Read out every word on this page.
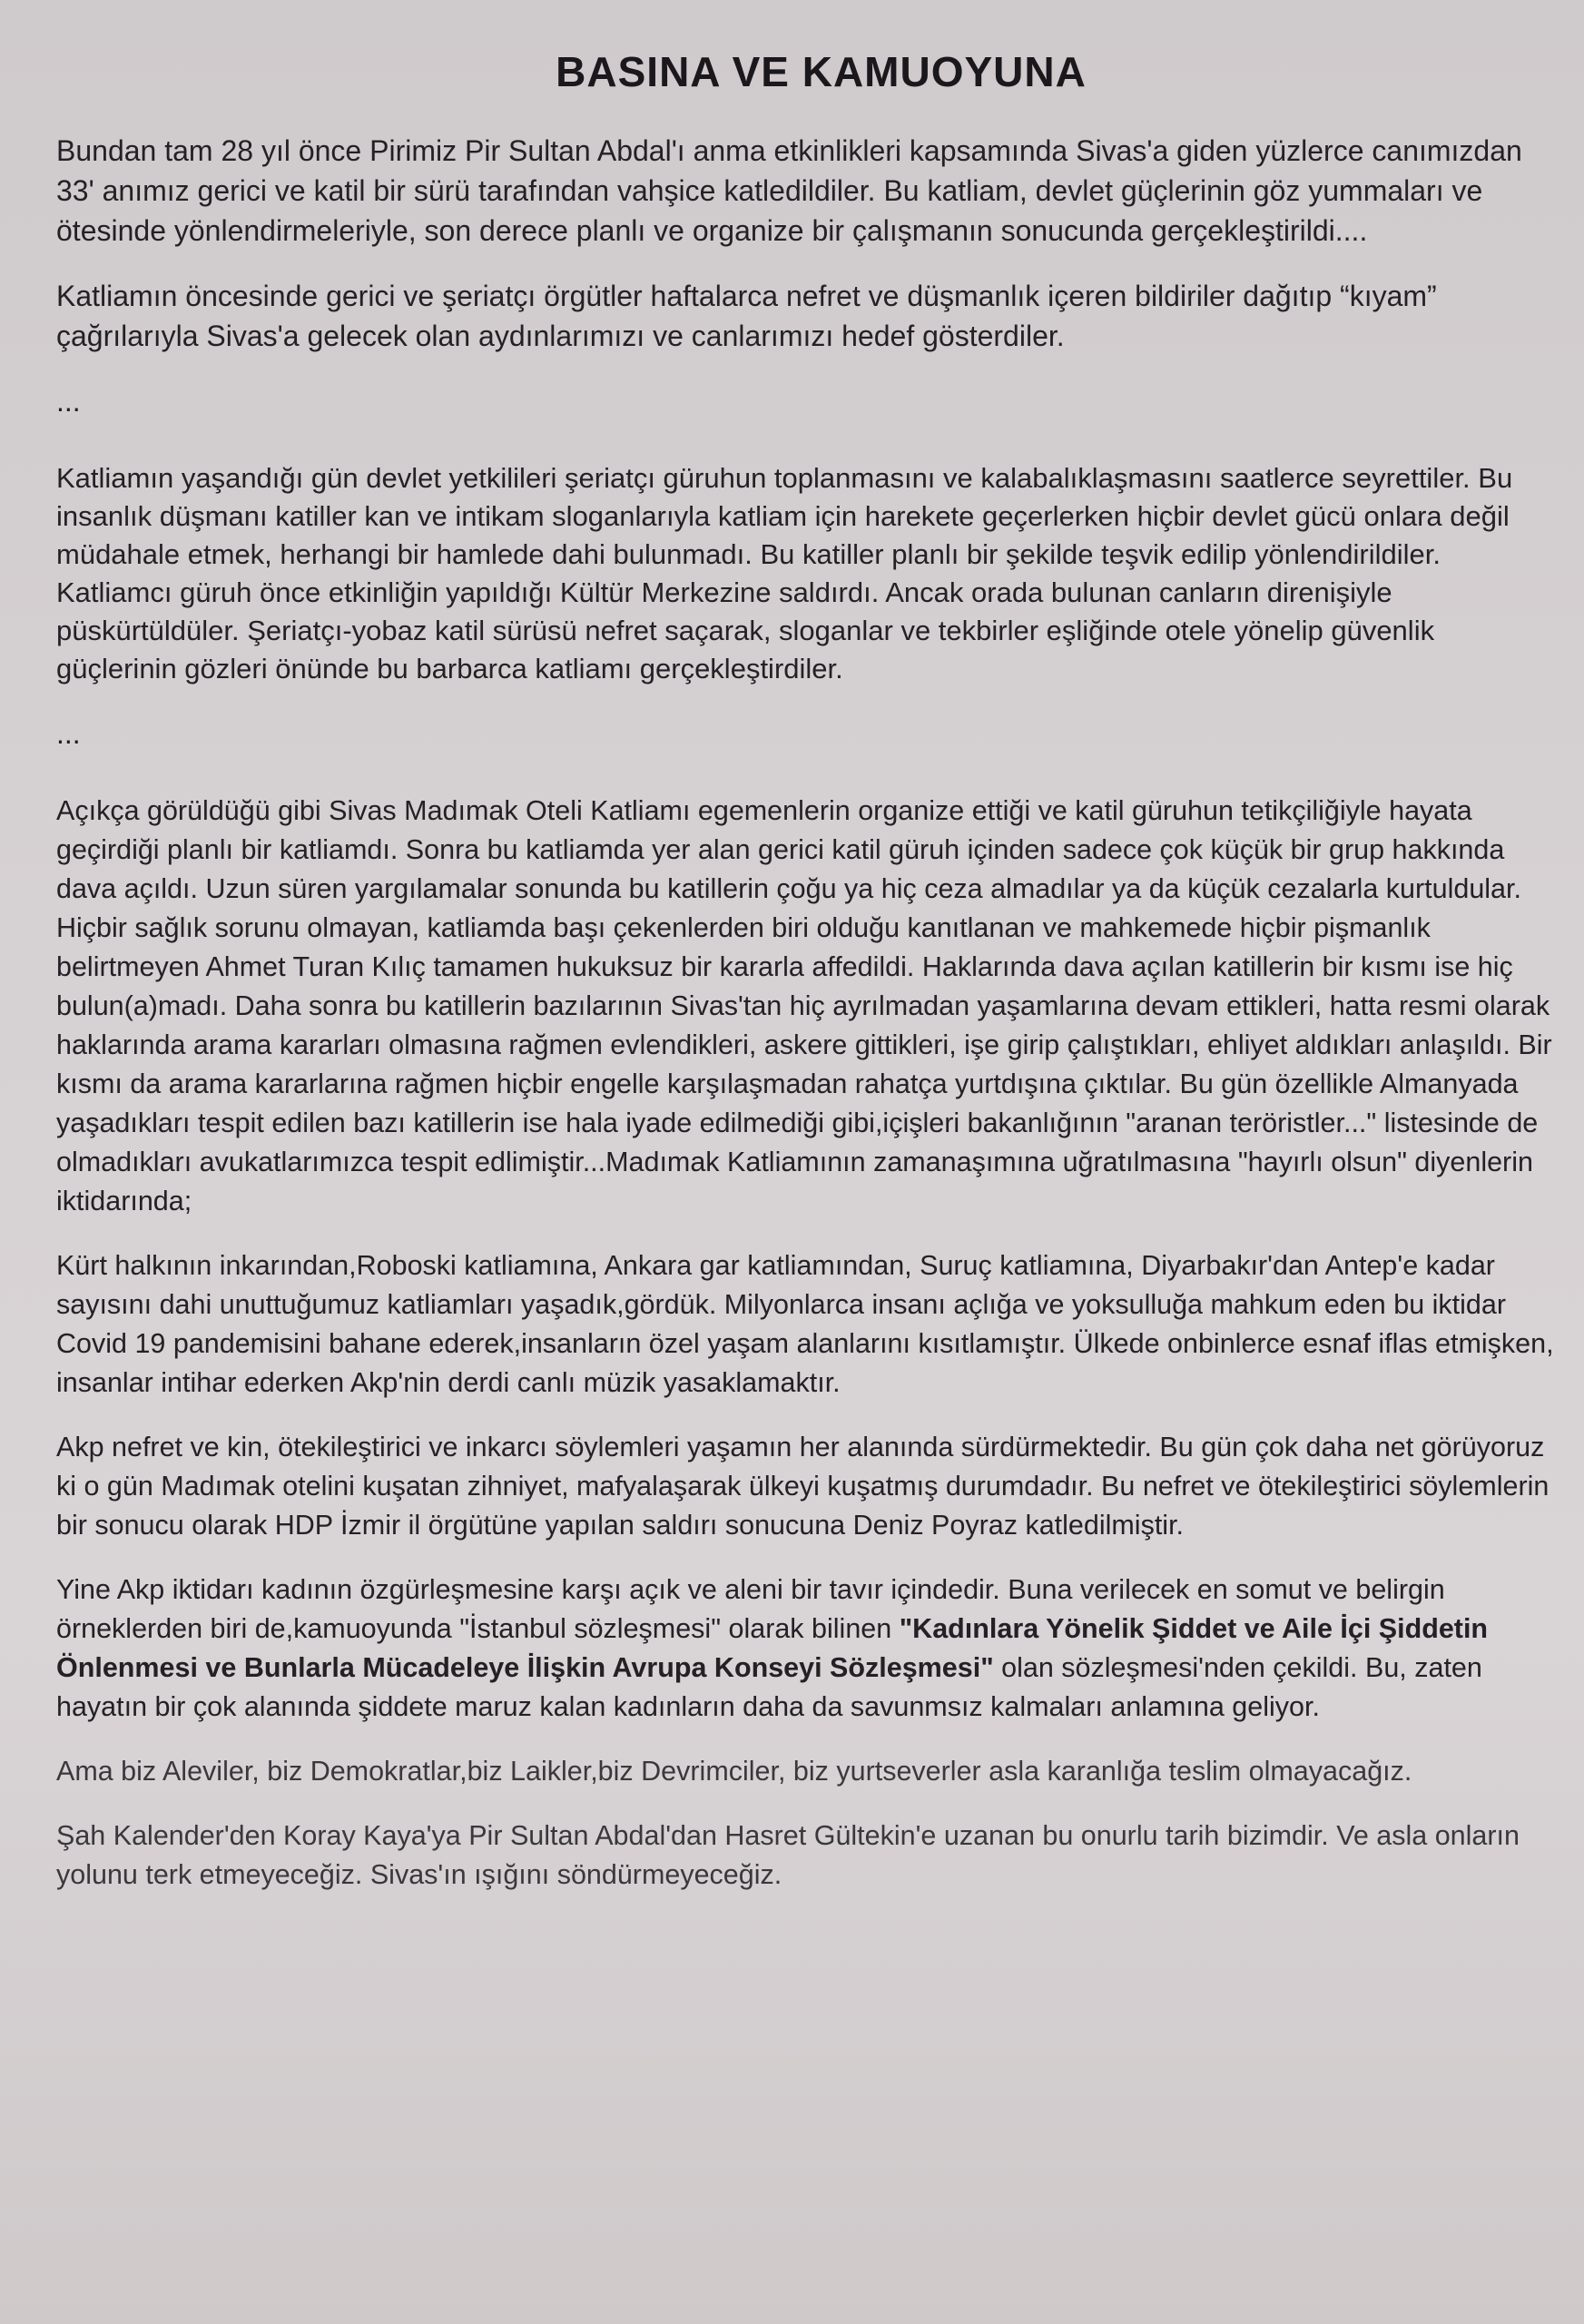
BASINA VE KAMUOYUNA

Bundan tam 28 yıl önce Pirimiz Pir Sultan Abdal'ı anma etkinlikleri kapsamında Sivas'a giden yüzlerce canımızdan 33' anımız gerici ve katil bir sürü tarafından vahşice katledildiler. Bu katliam, devlet güçlerinin göz yummaları ve ötesinde yönlendirmeleriyle, son derece planlı ve organize bir çalışmanın sonucunda gerçekleştirildi....

Katliamın öncesinde gerici ve şeriatçı örgütler haftalarca nefret ve düşmanlık içeren bildiriler dağıtıp “kıyam” çağrılarıyla Sivas'a gelecek olan aydınlarımızı ve canlarımızı hedef gösterdiler.

...

Katliamın yaşandığı gün devlet yetkilileri şeriatçı güruhun toplanmasını ve kalabalıklaşmasını saatlerce seyrettiler. Bu insanlık düşmanı katiller kan ve intikam sloganlarıyla katliam için harekete geçerlerken hiçbir devlet gücü onlara değil müdahale etmek, herhangi bir hamlede dahi bulunmadı. Bu katiller planlı bir şekilde teşvik edilip yönlendirildiler. Katliamcı güruh önce etkinliğin yapıldığı Kültür Merkezine saldırdı. Ancak orada bulunan canların direnişiyle püskürtüldüler. Şeriatçı-yobaz katil sürüsü nefret saçarak, sloganlar ve tekbirler eşliğinde otele yönelip güvenlik güçlerinin gözleri önünde bu barbarca katliamı gerçekleştirdiler.

...

Açıkça görüldüğü gibi Sivas Madımak Oteli Katliamı egemenlerin organize ettiği ve katil güruhun tetikçiliğiyle hayata geçirdiği planlı bir katliamdı. Sonra bu katliamda yer alan gerici katil güruh içinden sadece çok küçük bir grup hakkında dava açıldı. Uzun süren yargılamalar sonunda bu katillerin çoğu ya hiç ceza almadılar ya da küçük cezalarla kurtuldular. Hiçbir sağlık sorunu olmayan, katliamda başı çekenlerden biri olduğu kanıtlanan ve mahkemede hiçbir pişmanlık belirtmeyen Ahmet Turan Kılıç tamamen hukuksuz bir kararla affedildi. Haklarında dava açılan katillerin bir kısmı ise hiç bulun(a)madı. Daha sonra bu katillerin bazılarının Sivas'tan hiç ayrılmadan yaşamlarına devam ettikleri, hatta resmi olarak haklarında arama kararları olmasına rağmen evlendikleri, askere gittikleri, işe girip çalıştıkları, ehliyet aldıkları anlaşıldı. Bir kısmı da arama kararlarına rağmen hiçbir engelle karşılaşmadan rahatça yurtdışına çıktılar. Bu gün özellikle Almanyada yaşadıkları tespit edilen bazı katillerin ise hala iyade edilmediği gibi,içişleri bakanlığının "aranan teröristler..." listesinde de olmadıkları avukatlarımızca tespit edlimiştir...Madımak Katliamının zamanaşımına uğratılmasına "hayırlı olsun" diyenlerin iktidarında;

Kürt halkının inkarından,Roboski katliamına, Ankara gar katliamından, Suruç katliamına, Diyarbakır'dan Antep'e kadar sayısını dahi unuttuğumuz katliamları yaşadık,gördük. Milyonlarca insanı açlığa ve yoksulluğa mahkum eden bu iktidar Covid 19 pandemisini bahane ederek,insanların özel yaşam alanlarını kısıtlamıştır. Ülkede onbinlerce esnaf iflas etmişken, insanlar intihar ederken Akp'nin derdi canlı müzik yasaklamaktır.

Akp nefret ve kin, ötekileştirici ve inkarcı söylemleri yaşamın her alanında sürdürmektedir. Bu gün çok daha net görüyoruz ki o gün Madımak otelini kuşatan zihniyet, mafyalaşarak ülkeyi kuşatmış durumdadır. Bu nefret ve ötekileştirici söylemlerin bir sonucu olarak HDP İzmir il örgütüne yapılan saldırı sonucuna Deniz Poyraz katledilmiştir.

Yine Akp iktidarı kadının özgürleşmesine karşı açık ve aleni bir tavır içindedir. Buna verilecek en somut ve belirgin örneklerden biri de,kamuoyunda "İstanbul sözleşmesi" olarak bilinen "Kadınlara Yönelik Şiddet ve Aile İçi Şiddetin Önlenmesi ve Bunlarla Mücadeleye İlişkin Avrupa Konseyi Sözleşmesi" olan sözleşmesi'nden çekildi. Bu, zaten hayatın bir çok alanında şiddete maruz kalan kadınların daha da savunmsız kalmaları anlamına geliyor.

Ama biz Aleviler, biz Demokratlar,biz Laikler,biz Devrimciler, biz yurtseverler asla karanlığa teslim olmayacağız.

Şah Kalender'den Koray Kaya'ya Pir Sultan Abdal'dan Hasret Gültekin'e uzanan bu onurlu tarih bizimdir. Ve asla onların yolunu terk etmeyeceğiz. Sivas'ın ışığını söndürmeyeceğiz.
